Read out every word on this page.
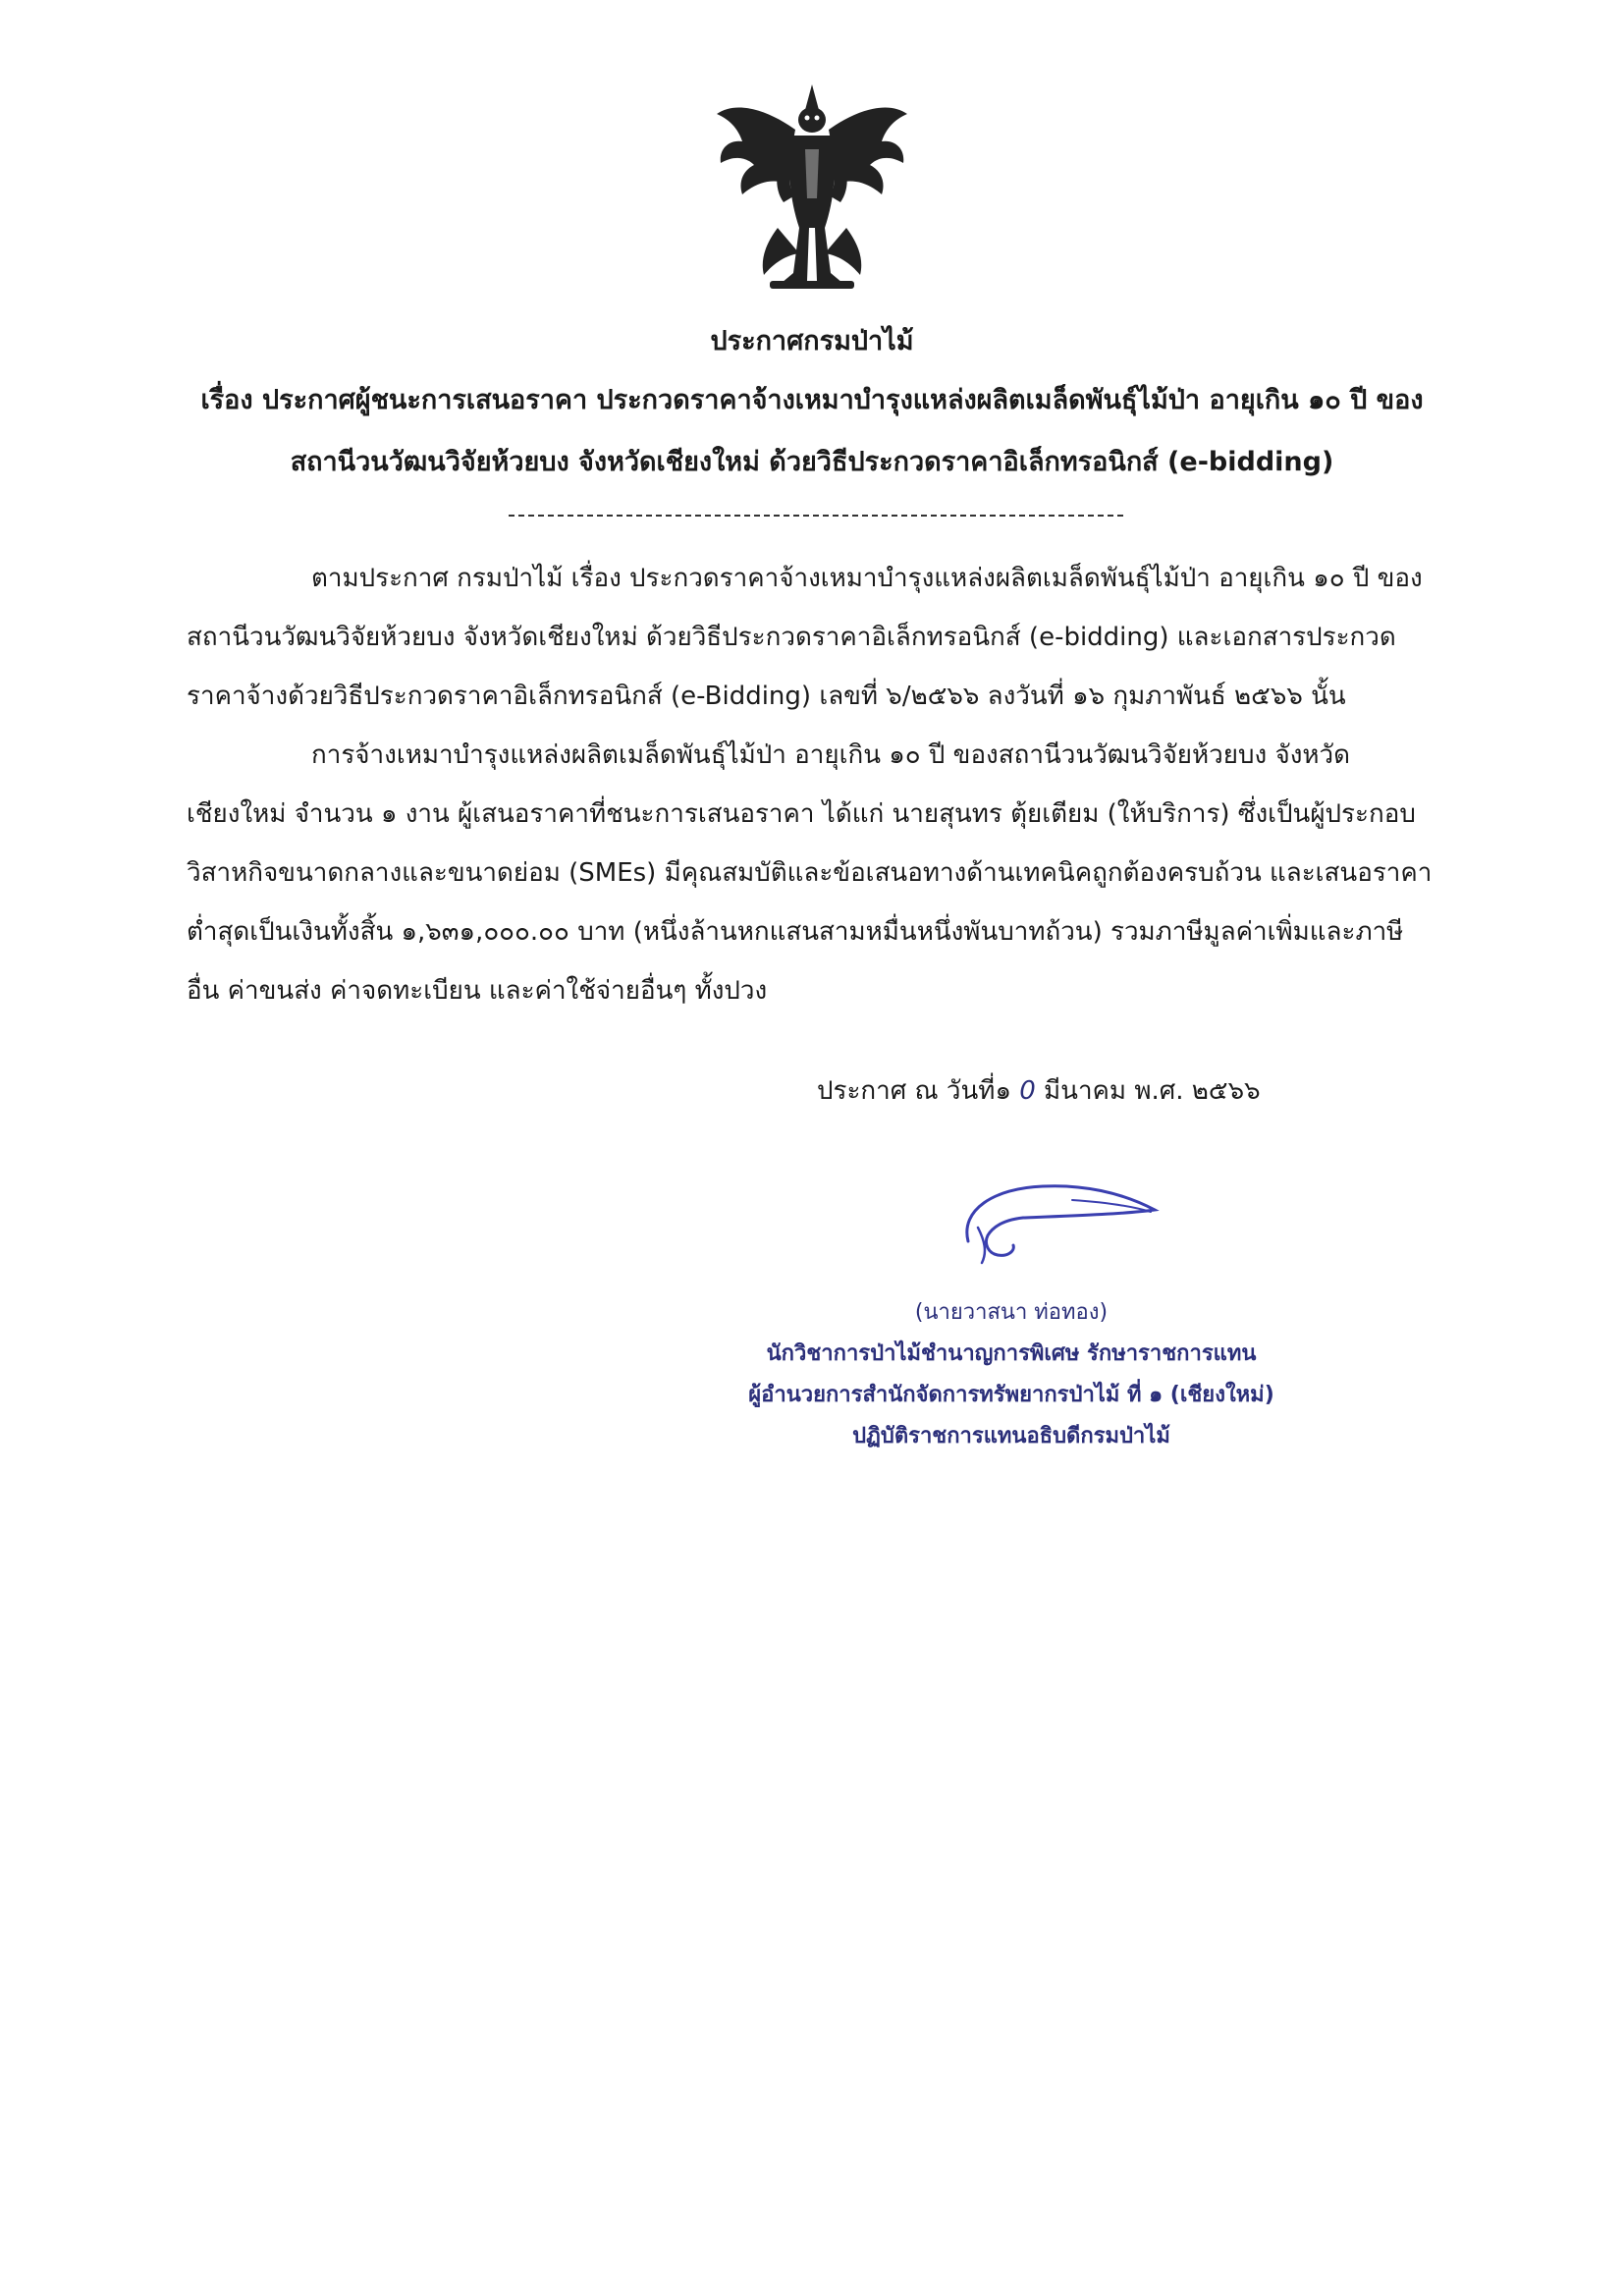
ประกาศกรมป่าไม้
เรื่อง ประกาศผู้ชนะการเสนอราคา ประกวดราคาจ้างเหมาบำรุงแหล่งผลิตเมล็ดพันธุ์ไม้ป่า อายุเกิน ๑๐ ปี ของ
สถานีวนวัฒนวิจัยห้วยบง จังหวัดเชียงใหม่ ด้วยวิธีประกวดราคาอิเล็กทรอนิกส์ (e-bidding)
ตามประกาศ กรมป่าไม้ เรื่อง ประกวดราคาจ้างเหมาบำรุงแหล่งผลิตเมล็ดพันธุ์ไม้ป่า อายุเกิน ๑๐ ปี ของ
สถานีวนวัฒนวิจัยห้วยบง จังหวัดเชียงใหม่ ด้วยวิธีประกวดราคาอิเล็กทรอนิกส์ (e-bidding) และเอกสารประกวด
ราคาจ้างด้วยวิธีประกวดราคาอิเล็กทรอนิกส์ (e-Bidding) เลขที่ ๖/๒๕๖๖ ลงวันที่ ๑๖ กุมภาพันธ์ ๒๕๖๖ นั้น
การจ้างเหมาบำรุงแหล่งผลิตเมล็ดพันธุ์ไม้ป่า อายุเกิน ๑๐ ปี ของสถานีวนวัฒนวิจัยห้วยบง จังหวัด
เชียงใหม่ จำนวน ๑ งาน ผู้เสนอราคาที่ชนะการเสนอราคา ได้แก่ นายสุนทร ตุ้ยเตียม (ให้บริการ) ซึ่งเป็นผู้ประกอบ
วิสาหกิจขนาดกลางและขนาดย่อม (SMEs) มีคุณสมบัติและข้อเสนอทางด้านเทคนิคถูกต้องครบถ้วน และเสนอราคา
ต่ำสุดเป็นเงินทั้งสิ้น ๑,๖๓๑,๐๐๐.๐๐ บาท (หนึ่งล้านหกแสนสามหมื่นหนึ่งพันบาทถ้วน) รวมภาษีมูลค่าเพิ่มและภาษี
อื่น ค่าขนส่ง ค่าจดทะเบียน และค่าใช้จ่ายอื่นๆ ทั้งปวง
ประกาศ ณ วันที่๑ 0 มีนาคม พ.ศ. ๒๕๖๖
(นายวาสนา ท่อทอง)
นักวิชาการป่าไม้ชำนาญการพิเศษ รักษาราชการแทน
ผู้อำนวยการสำนักจัดการทรัพยากรป่าไม้ ที่ ๑ (เชียงใหม่)
ปฏิบัติราชการแทนอธิบดีกรมป่าไม้
